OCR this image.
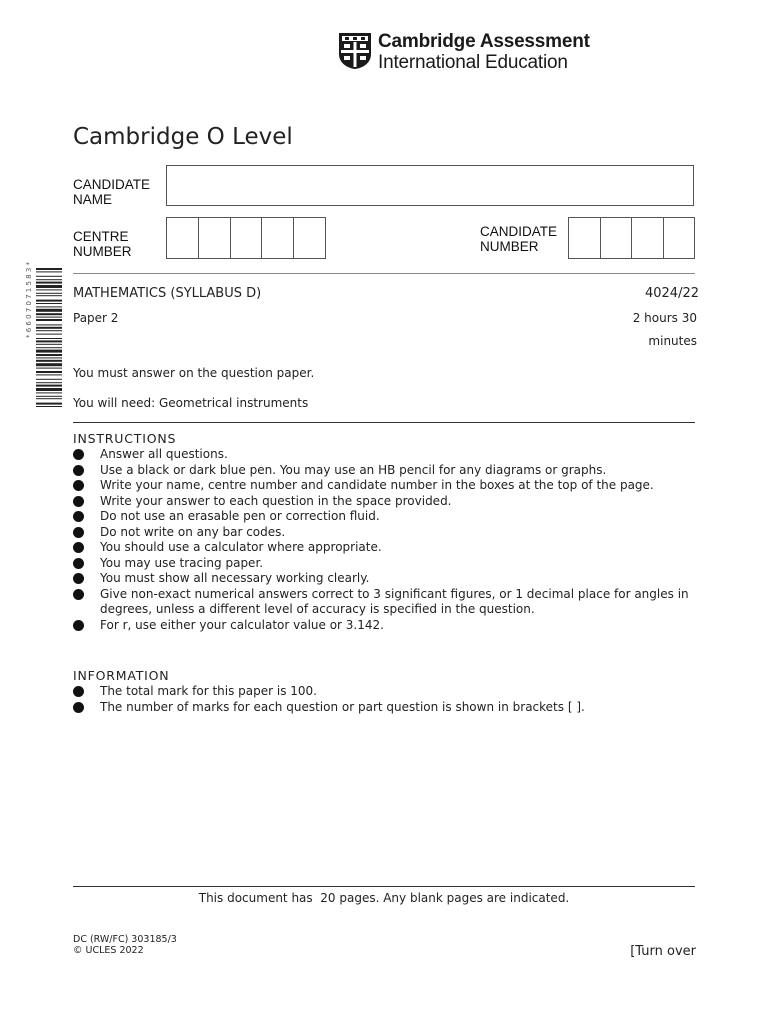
Cambridge Assessment
International Education
Cambridge O Level
CANDIDATE
NAME
CENTRE
NUMBER
CANDIDATE
NUMBER
* 6 6 0 7 0 7 1 5 8 3 *	MATHEMATICS (SYLLABUS D)	4024/22
Paper 2	2 hours 30
minutes
You must answer on the question paper.
You will need: Geometrical instruments
INSTRUCTIONS
Answer all questions.
Use a black or dark blue pen. You may use an HB pencil for any diagrams or graphs.
Write your name, centre number and candidate number in the boxes at the top of the page.
Write your answer to each question in the space provided.
Do not use an erasable pen or correction fluid.
Do not write on any bar codes.
You should use a calculator where appropriate.
You may use tracing paper.
You must show all necessary working clearly.
Give non-exact numerical answers correct to 3 significant figures, or 1 decimal place for angles in
degrees, unless a different level of accuracy is specified in the question.
For r, use either your calculator value or 3.142.
INFORMATION
The total mark for this paper is 100.
The number of marks for each question or part question is shown in brackets [ ].
This document has  20 pages. Any blank pages are indicated.
DC (RW/FC) 303185/3
© UCLES 2022	[Turn over
